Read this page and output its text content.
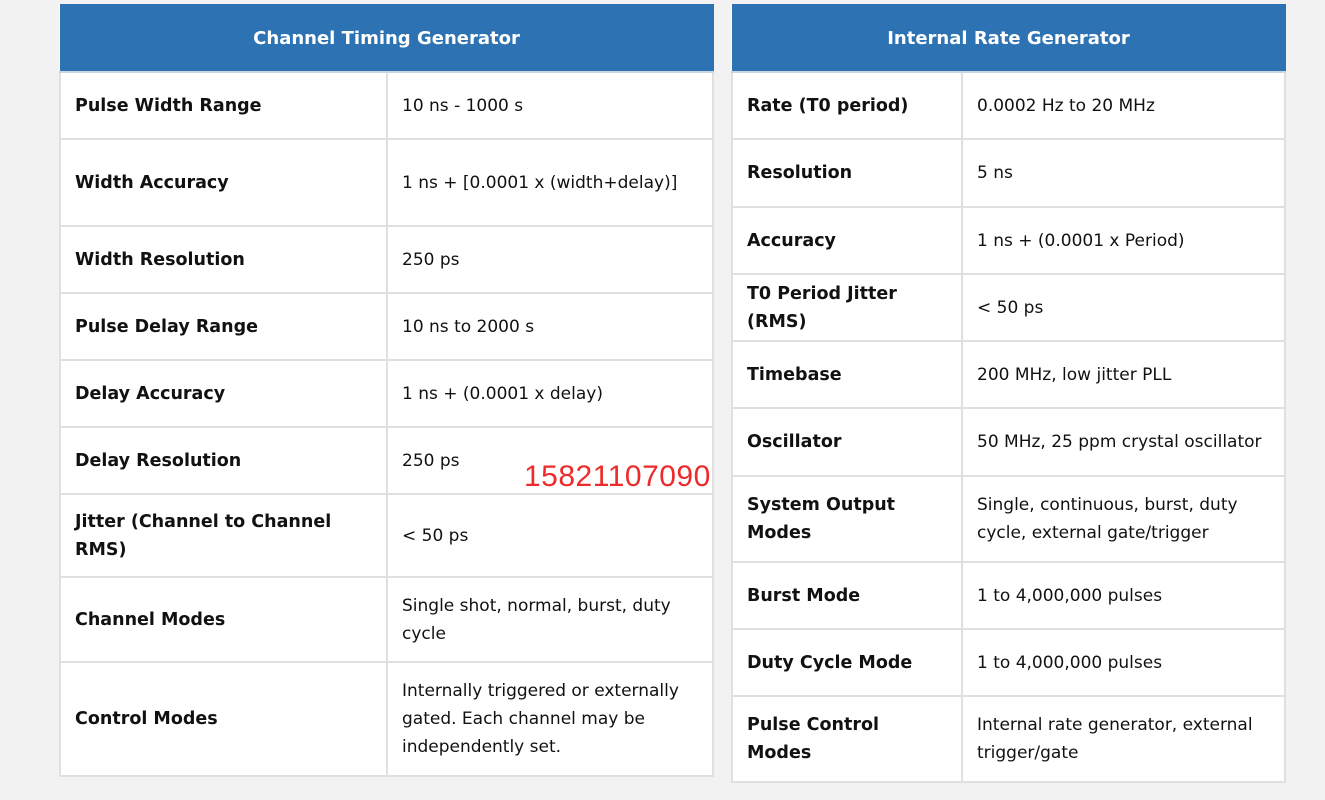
Channel Timing Generator	
Pulse Width Range	10 ns - 1000 s
Width Accuracy	1 ns + [0.0001 x (width+delay)]
Width Resolution	250 ps
Pulse Delay Range	10 ns to 2000 s
Delay Accuracy	1 ns + (0.0001 x delay)
Delay Resolution	250 ps
Jitter (Channel to Channel RMS)	< 50 ps
Channel Modes	Single shot, normal, burst, duty cycle
Control Modes	Internally triggered or externally gated. Each channel may be independently set.
Internal Rate Generator	
Rate (T0 period)	0.0002 Hz to 20 MHz
Resolution	5 ns
Accuracy	1 ns + (0.0001 x Period)
T0 Period Jitter (RMS)	< 50 ps
Timebase	200 MHz, low jitter PLL
Oscillator	50 MHz, 25 ppm crystal oscillator
System Output Modes	Single, continuous, burst, duty cycle, external gate/trigger
Burst Mode	1 to 4,000,000 pulses
Duty Cycle Mode	1 to 4,000,000 pulses
Pulse Control Modes	Internal rate generator, external trigger/gate
15821107090
